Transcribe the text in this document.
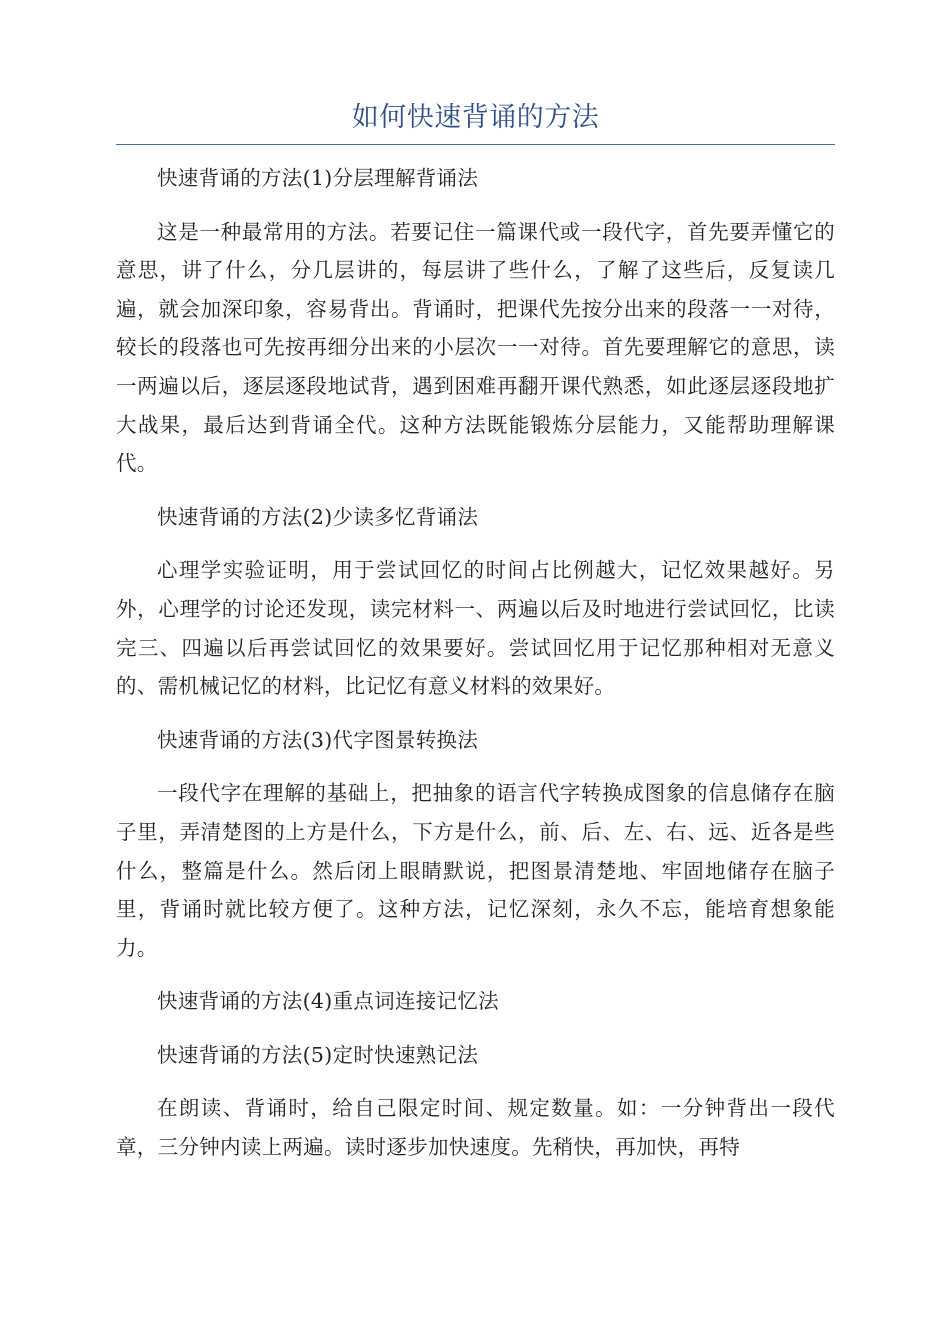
如何快速背诵的方法

快速背诵的方法(1)分层理解背诵法

这是一种最常用的方法。若要记住一篇课代或一段代字，首先要弄懂它的意思，讲了什么，分几层讲的，每层讲了些什么，了解了这些后，反复读几遍，就会加深印象，容易背出。背诵时，把课代先按分出来的段落一一对待，较长的段落也可先按再细分出来的小层次一一对待。首先要理解它的意思，读一两遍以后，逐层逐段地试背，遇到困难再翻开课代熟悉，如此逐层逐段地扩大战果，最后达到背诵全代。这种方法既能锻炼分层能力，又能帮助理解课代。

快速背诵的方法(2)少读多忆背诵法

心理学实验证明，用于尝试回忆的时间占比例越大，记忆效果越好。另外，心理学的讨论还发现，读完材料一、两遍以后及时地进行尝试回忆，比读完三、四遍以后再尝试回忆的效果要好。尝试回忆用于记忆那种相对无意义的、需机械记忆的材料，比记忆有意义材料的效果好。

快速背诵的方法(3)代字图景转换法

一段代字在理解的基础上，把抽象的语言代字转换成图象的信息储存在脑子里，弄清楚图的上方是什么，下方是什么，前、后、左、右、远、近各是些什么，整篇是什么。然后闭上眼睛默说，把图景清楚地、牢固地储存在脑子里，背诵时就比较方便了。这种方法，记忆深刻，永久不忘，能培育想象能力。

快速背诵的方法(4)重点词连接记忆法

快速背诵的方法(5)定时快速熟记法

在朗读、背诵时，给自己限定时间、规定数量。如：一分钟背出一段代章，三分钟内读上两遍。读时逐步加快速度。先稍快，再加快，再特
